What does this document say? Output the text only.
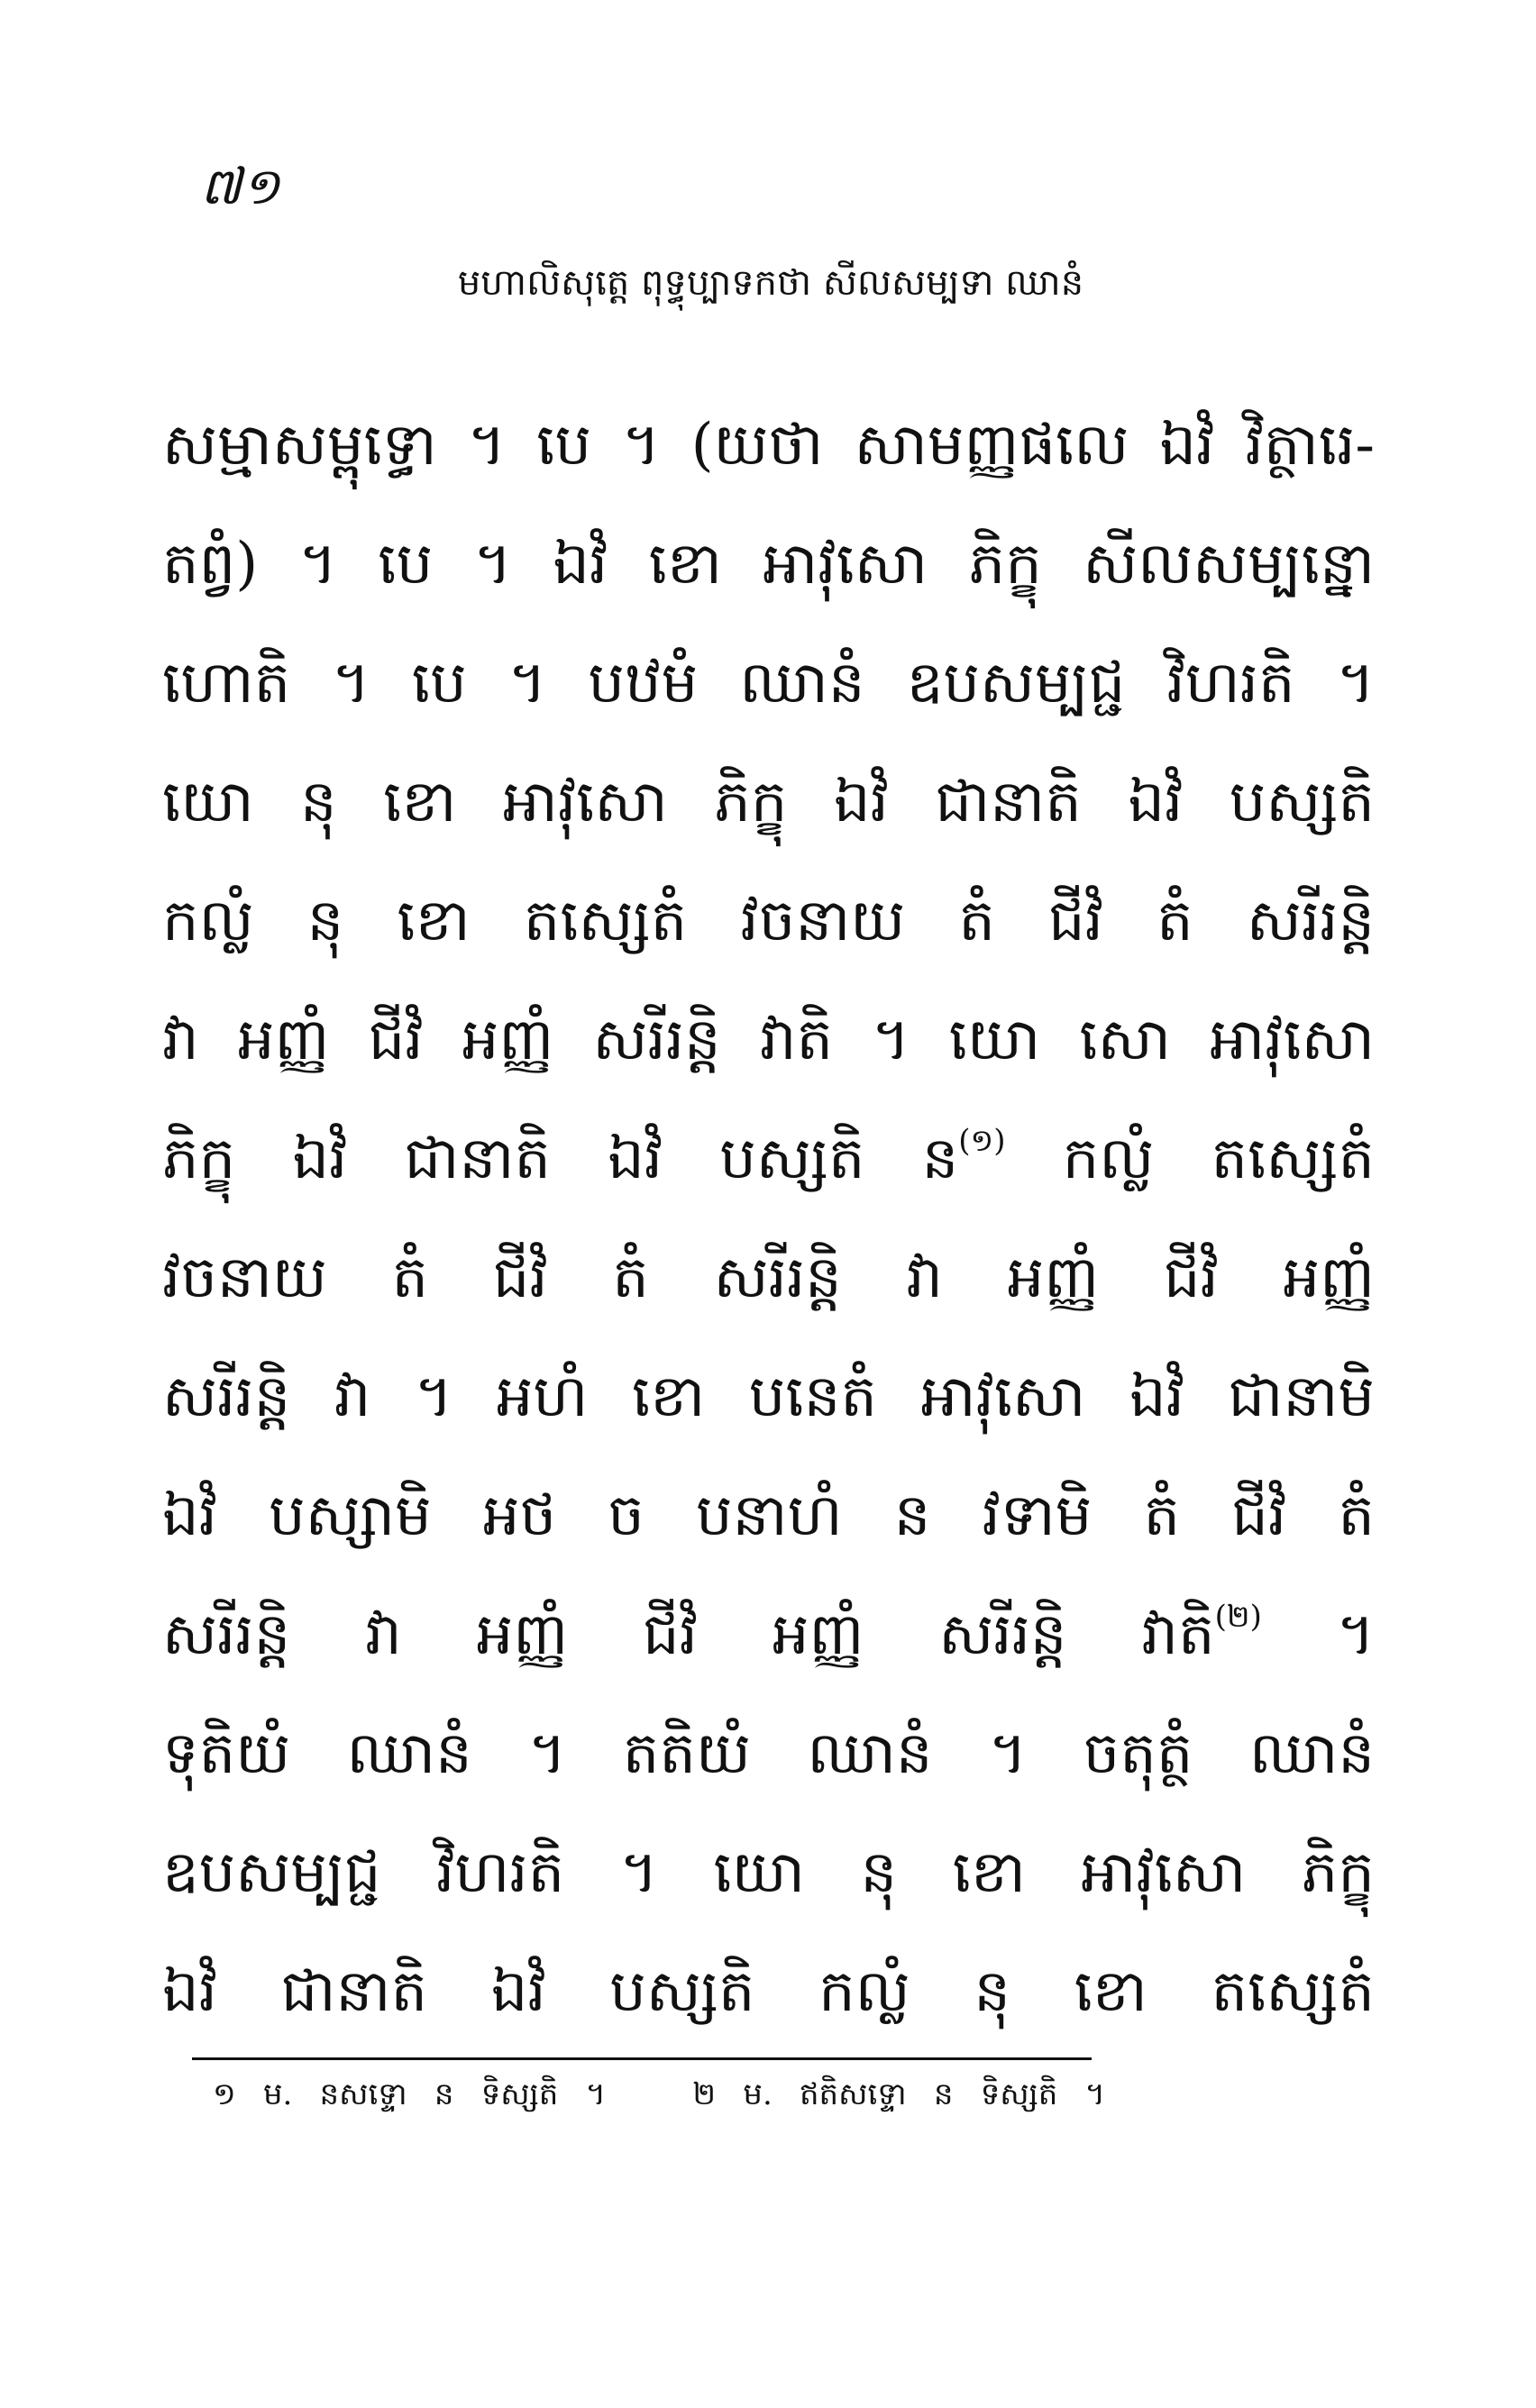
៧១
មហាលិសុត្តេ ពុទ្ធុប្បាទកថា សីលសម្បទា ឈានំ
សម្មាសម្ពុទ្ធោ ។ បេ ។ (យថា សាមញ្ញផលេ ឯវំ វិត្ថារេ-
តព្វំ) ។ បេ ។ ឯវំ ខោ អាវុសោ ភិក្ខុ សីលសម្បន្នោ
ហោតិ ។ បេ ។ បឋមំ ឈានំ ឧបសម្បជ្ជ វិហរតិ ។
យោ នុ ខោ អាវុសោ ភិក្ខុ ឯវំ ជានាតិ ឯវំ បស្សតិ
កល្លំ នុ ខោ តស្សេតំ វចនាយ តំ ជីវំ តំ សរីរន្តិ
វា អញ្ញំ ជីវំ អញ្ញំ សរីរន្តិ វាតិ ។ យោ សោ អាវុសោ
ភិក្ខុ ឯវំ ជានាតិ ឯវំ បស្សតិ ន$^{(១)}$ កល្លំ តស្សេតំ
វចនាយ តំ ជីវំ តំ សរីរន្តិ វា អញ្ញំ ជីវំ អញ្ញំ
សរីរន្តិ វា ។ អហំ ខោ បនេតំ អាវុសោ ឯវំ ជានាមិ
ឯវំ បស្សាមិ អថ ច បនាហំ ន វទាមិ តំ ជីវំ តំ
សរីរន្តិ វា អញ្ញំ ជីវំ អញ្ញំ សរីរន្តិ វាតិ$^{(២)}$ ។
ទុតិយំ ឈានំ ។ តតិយំ ឈានំ ។ ចតុត្ថំ ឈានំ
ឧបសម្បជ្ជ វិហរតិ ។ យោ នុ ខោ អាវុសោ ភិក្ខុ
ឯវំ ជានាតិ ឯវំ បស្សតិ កល្លំ នុ ខោ តស្សេតំ
១ ម. នសទ្ទោ ន ទិស្សតិ ។	២ ម. ឥតិសទ្ទោ ន ទិស្សតិ ។
